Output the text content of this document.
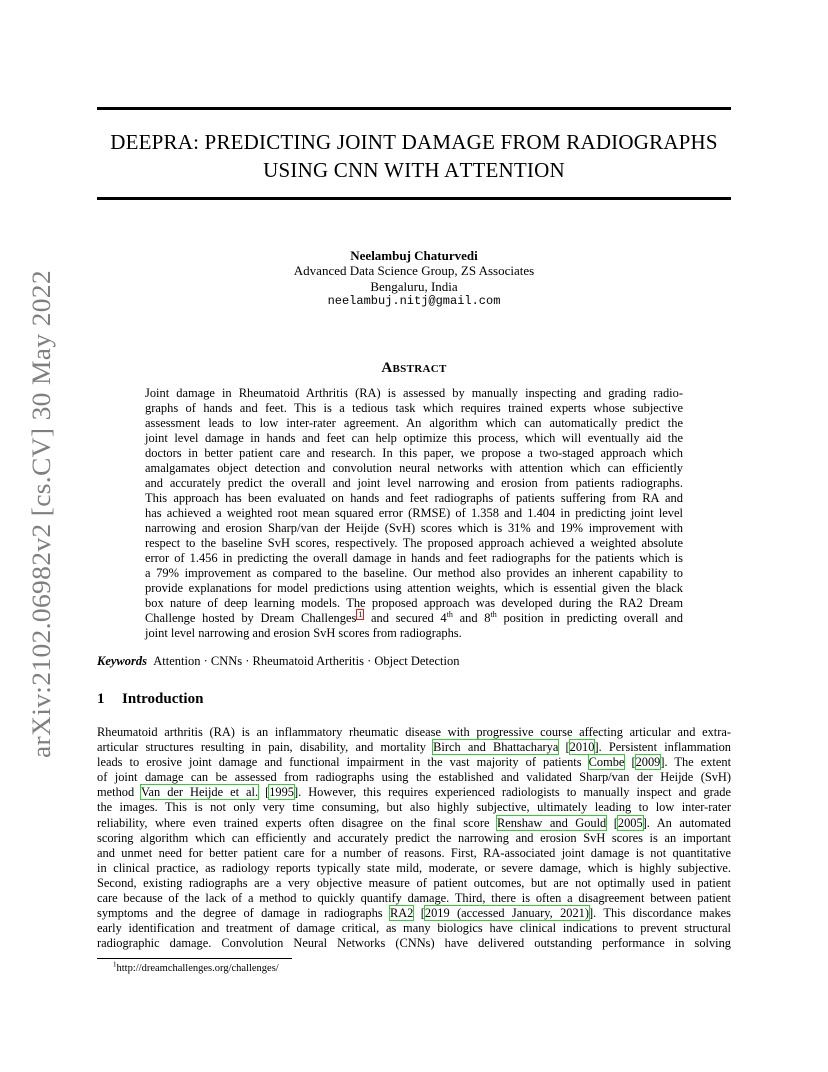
arXiv:2102.06982v2 [cs.CV] 30 May 2022
DEEPRA: PREDICTING JOINT DAMAGE FROM RADIOGRAPHS
USING CNN WITH ATTENTION
Neelambuj Chaturvedi
Advanced Data Science Group, ZS Associates
Bengaluru, India
neelambuj.nitj@gmail.com
Abstract
Joint damage in Rheumatoid Arthritis (RA) is assessed by manually inspecting and grading radio-
graphs of hands and feet. This is a tedious task which requires trained experts whose subjective
assessment leads to low inter-rater agreement. An algorithm which can automatically predict the
joint level damage in hands and feet can help optimize this process, which will eventually aid the
doctors in better patient care and research. In this paper, we propose a two-staged approach which
amalgamates object detection and convolution neural networks with attention which can efficiently
and accurately predict the overall and joint level narrowing and erosion from patients radiographs.
This approach has been evaluated on hands and feet radiographs of patients suffering from RA and
has achieved a weighted root mean squared error (RMSE) of 1.358 and 1.404 in predicting joint level
narrowing and erosion Sharp/van der Heijde (SvH) scores which is 31% and 19% improvement with
respect to the baseline SvH scores, respectively. The proposed approach achieved a weighted absolute
error of 1.456 in predicting the overall damage in hands and feet radiographs for the patients which is
a 79% improvement as compared to the baseline. Our method also provides an inherent capability to
provide explanations for model predictions using attention weights, which is essential given the black
box nature of deep learning models. The proposed approach was developed during the RA2 Dream
Challenge hosted by Dream Challenges $^1$ and secured 4th and 8th position in predicting overall and
joint level narrowing and erosion SvH scores from radiographs.
Keywords Attention · CNNs · Rheumatoid Artheritis · Object Detection
1 Introduction
Rheumatoid arthritis (RA) is an inflammatory rheumatic disease with progressive course affecting articular and extra-
articular structures resulting in pain, disability, and mortality Birch and Bhattacharya [2010]. Persistent inflammation
leads to erosive joint damage and functional impairment in the vast majority of patients Combe [2009]. The extent
of joint damage can be assessed from radiographs using the established and validated Sharp/van der Heijde (SvH)
method Van der Heijde et al. [1995]. However, this requires experienced radiologists to manually inspect and grade
the images. This is not only very time consuming, but also highly subjective, ultimately leading to low inter-rater
reliability, where even trained experts often disagree on the final score Renshaw and Gould [2005]. An automated
scoring algorithm which can efficiently and accurately predict the narrowing and erosion SvH scores is an important
and unmet need for better patient care for a number of reasons. First, RA-associated joint damage is not quantitative
in clinical practice, as radiology reports typically state mild, moderate, or severe damage, which is highly subjective.
Second, existing radiographs are a very objective measure of patient outcomes, but are not optimally used in patient
care because of the lack of a method to quickly quantify damage. Third, there is often a disagreement between patient
symptoms and the degree of damage in radiographs RA2 [2019 (accessed January, 2021)]. This discordance makes
early identification and treatment of damage critical, as many biologics have clinical indications to prevent structural
radiographic damage. Convolution Neural Networks (CNNs) have delivered outstanding performance in solving
$^1$http://dreamchallenges.org/challenges/
